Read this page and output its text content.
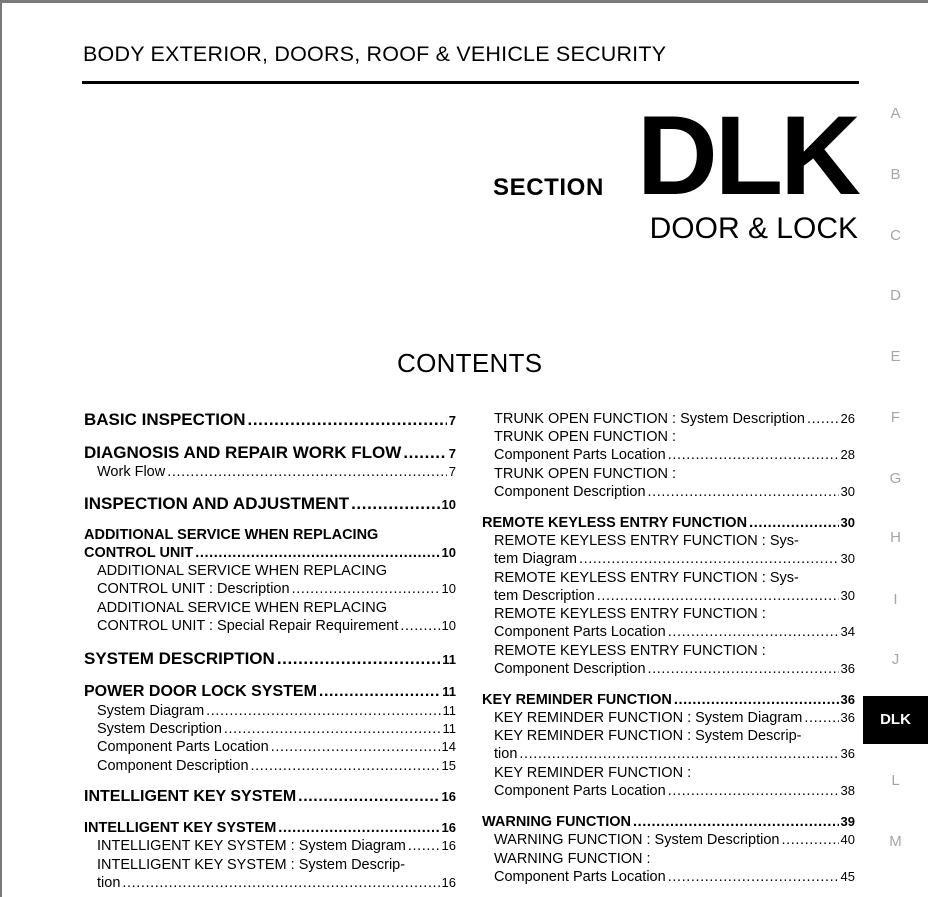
BODY EXTERIOR, DOORS, ROOF & VEHICLE SECURITY
SECTION DLK
DOOR & LOCK
CONTENTS
A
B
C
D
E
F
G
H
I
J
DLK
L
M
BASIC INSPECTION .....	7
DIAGNOSIS AND REPAIR WORK FLOW .....	7
Work Flow .....	7
INSPECTION AND ADJUSTMENT .....	10
ADDITIONAL SERVICE WHEN REPLACING
CONTROL UNIT .....	10
ADDITIONAL SERVICE WHEN REPLACING
CONTROL UNIT : Description .....	10
ADDITIONAL SERVICE WHEN REPLACING
CONTROL UNIT : Special Repair Requirement .....	10
SYSTEM DESCRIPTION .....	11
POWER DOOR LOCK SYSTEM .....	11
System Diagram .....	11
System Description .....	11
Component Parts Location .....	14
Component Description .....	15
INTELLIGENT KEY SYSTEM .....	16
INTELLIGENT KEY SYSTEM .....	16
INTELLIGENT KEY SYSTEM : System Diagram .....	16
INTELLIGENT KEY SYSTEM : System Descrip-
tion .....	16
TRUNK OPEN FUNCTION : System Description .....	26
TRUNK OPEN FUNCTION :
Component Parts Location .....	28
TRUNK OPEN FUNCTION :
Component Description .....	30
REMOTE KEYLESS ENTRY FUNCTION .....	30
REMOTE KEYLESS ENTRY FUNCTION : Sys-
tem Diagram .....	30
REMOTE KEYLESS ENTRY FUNCTION : Sys-
tem Description .....	30
REMOTE KEYLESS ENTRY FUNCTION :
Component Parts Location .....	34
REMOTE KEYLESS ENTRY FUNCTION :
Component Description .....	36
KEY REMINDER FUNCTION .....	36
KEY REMINDER FUNCTION : System Diagram .....	36
KEY REMINDER FUNCTION : System Descrip-
tion .....	36
KEY REMINDER FUNCTION :
Component Parts Location .....	38
WARNING FUNCTION .....	39
WARNING FUNCTION : System Description .....	40
WARNING FUNCTION :
Component Parts Location .....	45
